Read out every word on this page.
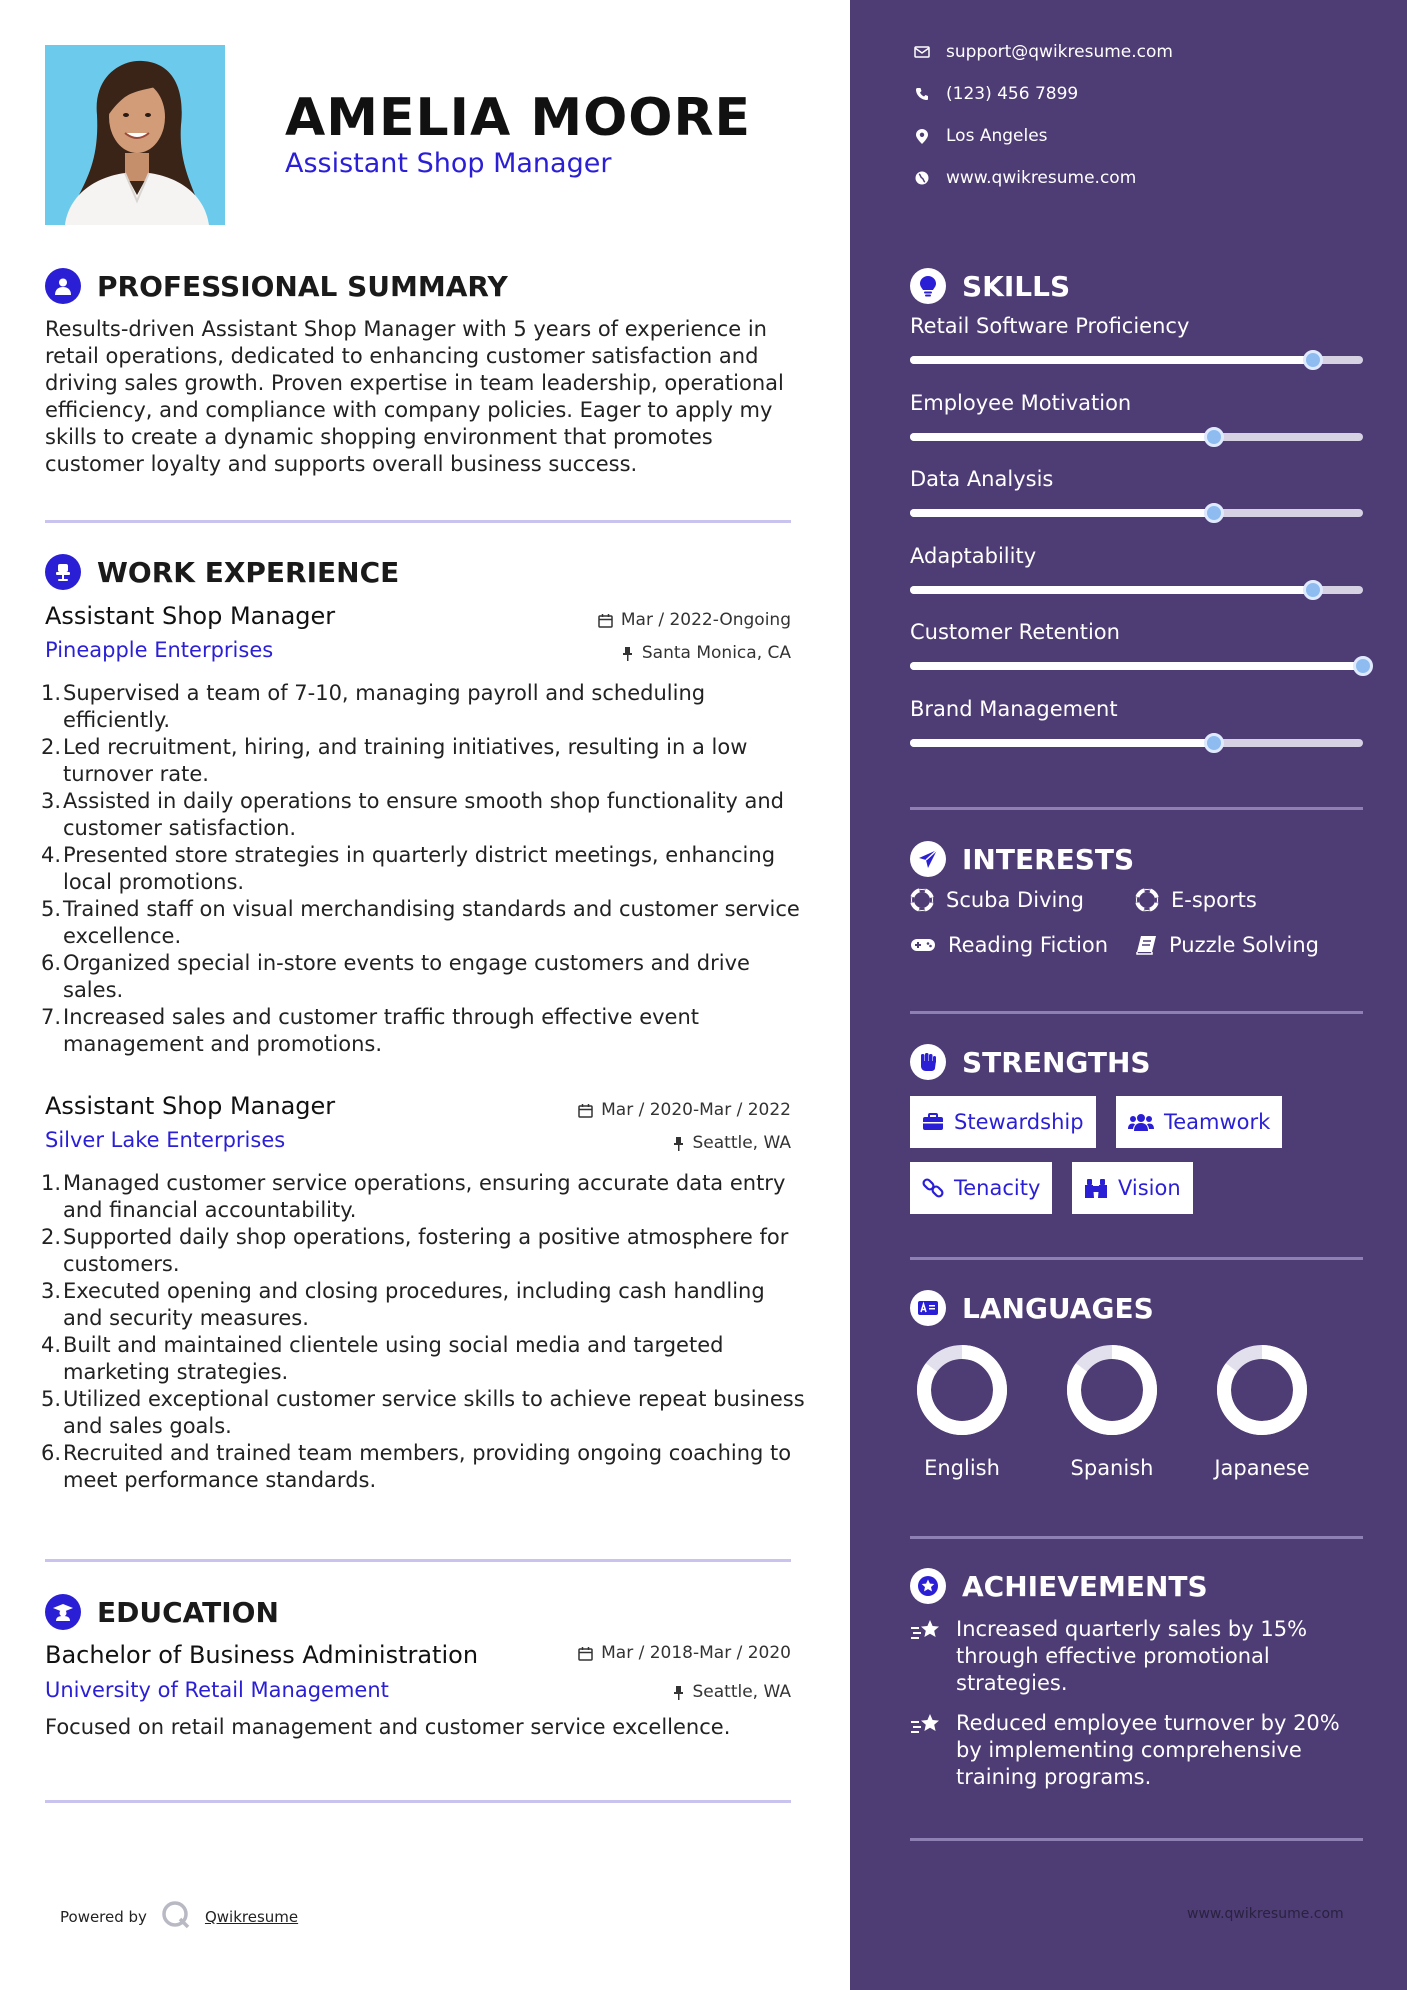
AMELIA MOORE
Assistant Shop Manager
PROFESSIONAL SUMMARY

Results-driven Assistant Shop Manager with 5 years of experience in retail operations, dedicated to enhancing customer satisfaction and driving sales growth. Proven expertise in team leadership, operational efficiency, and compliance with company policies. Eager to apply my skills to create a dynamic shopping environment that promotes customer loyalty and supports overall business success.

WORK EXPERIENCE
Assistant Shop Manager
Pineapple Enterprises
Mar / 2022-Ongoing
Santa Monica, CA
1. Supervised a team of 7-10, managing payroll and scheduling efficiently.
2. Led recruitment, hiring, and training initiatives, resulting in a low turnover rate.
3. Assisted in daily operations to ensure smooth shop functionality and customer satisfaction.
4. Presented store strategies in quarterly district meetings, enhancing local promotions.
5. Trained staff on visual merchandising standards and customer service excellence.
6. Organized special in-store events to engage customers and drive sales.
7. Increased sales and customer traffic through effective event management and promotions.
Assistant Shop Manager
Silver Lake Enterprises
Mar / 2020-Mar / 2022
Seattle, WA
1. Managed customer service operations, ensuring accurate data entry and financial accountability.
2. Supported daily shop operations, fostering a positive atmosphere for customers.
3. Executed opening and closing procedures, including cash handling and security measures.
4. Built and maintained clientele using social media and targeted marketing strategies.
5. Utilized exceptional customer service skills to achieve repeat business and sales goals.
6. Recruited and trained team members, providing ongoing coaching to meet performance standards.
EDUCATION
Bachelor of Business Administration
University of Retail Management
Mar / 2018-Mar / 2020
Seattle, WA

Focused on retail management and customer service excellence.

Powered by	Qwikresume
support@qwikresume.com
(123) 456 7899
Los Angeles
www.qwikresume.com
SKILLS
Retail Software Proficiency
Employee Motivation
Data Analysis
Adaptability
Customer Retention
Brand Management
INTERESTS
Scuba Diving	E-sports
Reading Fiction	Puzzle Solving
STRENGTHS
Stewardship	Teamwork
Tenacity	Vision
LANGUAGES
English	Spanish	Japanese
ACHIEVEMENTS
Increased quarterly sales by 15% through effective promotional strategies.
Reduced employee turnover by 20% by implementing comprehensive training programs.
www.qwikresume.com
